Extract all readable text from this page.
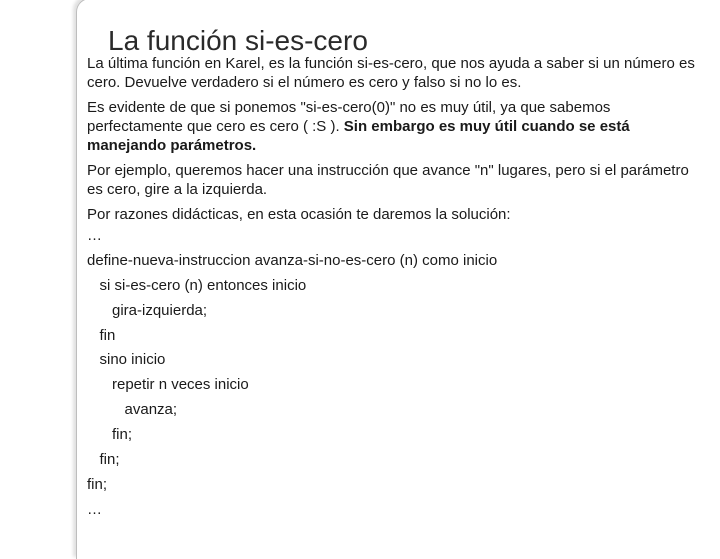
La función si-es-cero

La última función en Karel, es la función si-es-cero, que nos ayuda a saber si un número es cero. Devuelve verdadero si el número es cero y falso si no lo es.

Es evidente de que si ponemos "si-es-cero(0)" no es muy útil, ya que sabemos perfectamente que cero es cero ( :S ). Sin embargo es muy útil cuando se está manejando parámetros.

Por ejemplo, queremos hacer una instrucción que avance "n" lugares, pero si el parámetro es cero, gire a la izquierda.

Por razones didácticas, en esta ocasión te daremos la solución:

…
define-nueva-instruccion avanza-si-no-es-cero (n) como inicio
si si-es-cero (n) entonces inicio
gira-izquierda;
fin
sino inicio
repetir n veces inicio
avanza;
fin;
fin;
fin;
…
